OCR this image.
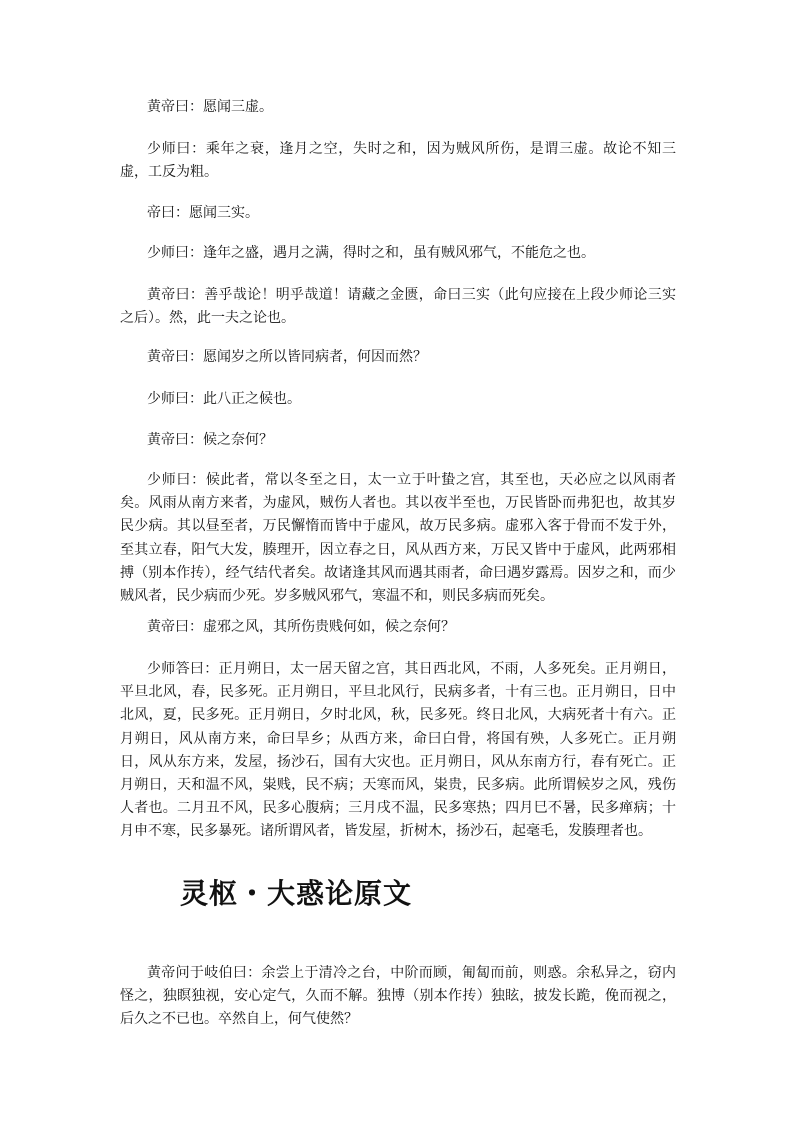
黄帝曰：愿闻三虚。

少师曰：乘年之衰，逢月之空，失时之和，因为贼风所伤，是谓三虚。故论不知三虚，工反为粗。

帝曰：愿闻三实。

少师曰：逢年之盛，遇月之满，得时之和，虽有贼风邪气，不能危之也。

黄帝曰：善乎哉论！明乎哉道！请藏之金匮，命曰三实（此句应接在上段少师论三实之后）。然，此一夫之论也。

黄帝曰：愿闻岁之所以皆同病者，何因而然？

少师曰：此八正之候也。

黄帝曰：候之奈何？

少师曰：候此者，常以冬至之日，太一立于叶蛰之宫，其至也，天必应之以风雨者矣。风雨从南方来者，为虚风，贼伤人者也。其以夜半至也，万民皆卧而弗犯也，故其岁民少病。其以昼至者，万民懈惰而皆中于虚风，故万民多病。虚邪入客于骨而不发于外，至其立春，阳气大发，腠理开，因立春之日，风从西方来，万民又皆中于虚风，此两邪相搏（别本作抟），经气结代者矣。故诸逢其风而遇其雨者，命曰遇岁露焉。因岁之和，而少贼风者，民少病而少死。岁多贼风邪气，寒温不和，则民多病而死矣。

黄帝曰：虚邪之风，其所伤贵贱何如，候之奈何？

少师答曰：正月朔日，太一居天留之宫，其日西北风，不雨，人多死矣。正月朔日，平旦北风，春，民多死。正月朔日，平旦北风行，民病多者，十有三也。正月朔日，日中北风，夏，民多死。正月朔日，夕时北风，秋，民多死。终日北风，大病死者十有六。正月朔日，风从南方来，命曰旱乡；从西方来，命曰白骨，将国有殃，人多死亡。正月朔日，风从东方来，发屋，扬沙石，国有大灾也。正月朔日，风从东南方行，春有死亡。正月朔日，天和温不风，粜贱，民不病；天寒而风，粜贵，民多病。此所谓候岁之风，残伤人者也。二月丑不风，民多心腹病；三月戌不温，民多寒热；四月巳不暑，民多瘅病；十月申不寒，民多暴死。诸所谓风者，皆发屋，折树木，扬沙石，起毫毛，发腠理者也。

灵枢・大惑论原文

黄帝问于岐伯曰：余尝上于清冷之台，中阶而顾，匍匐而前，则惑。余私异之，窃内怪之，独瞑独视，安心定气，久而不解。独博（别本作抟）独眩，披发长跪，俛而视之，后久之不已也。卒然自上，何气使然？
